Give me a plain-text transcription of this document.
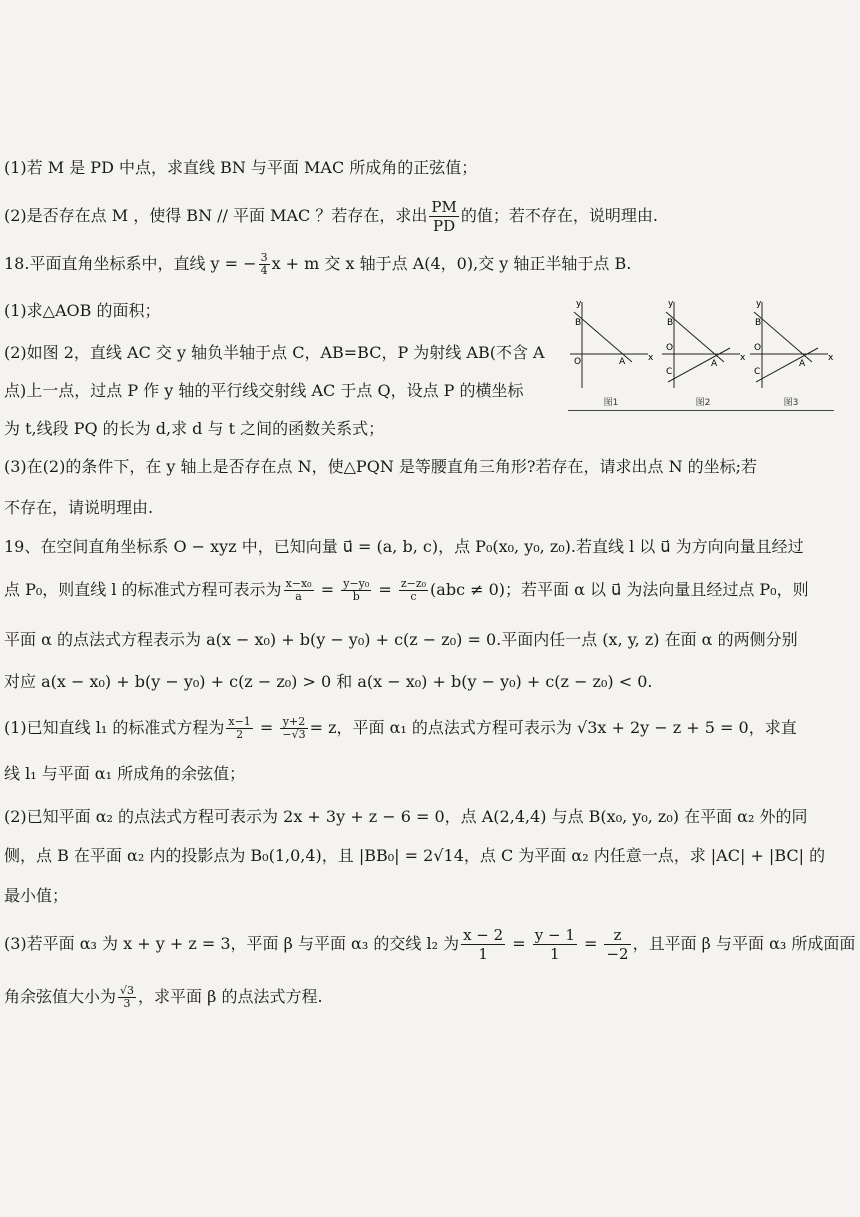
(1)若 M 是 PD 中点，求直线 BN 与平面 MAC 所成角的正弦值；
(2)是否存在点 M ，使得 BN // 平面 MAC ？若存在，求出 $\frac{PM}{PD}$ 的值；若不存在，说明理由.
18.平面直角坐标系中，直线 y = − $\frac{3}{4}$ x + m 交 x 轴于点 A(4，0),交 y 轴正半轴于点 B.
(1)求△AOB 的面积；
(2)如图 2，直线 AC 交 y 轴负半轴于点 C，AB=BC，P 为射线 AB(不含 A
点)上一点，过点 P 作 y 轴的平行线交射线 AC 于点 Q，设点 P 的横坐标
为 t,线段 PQ 的长为 d,求 d 与 t 之间的函数关系式；
(3)在(2)的条件下，在 y 轴上是否存在点 N，使△PQN 是等腰直角三角形?若存在，请求出点 N 的坐标;若
不存在，请说明理由.
y
x
B
O	A
图1
y
x
B
O
A
C
图2
y
x
B
O
A
C
图3
19、在空间直角坐标系 O − xyz 中，已知向量 u⃗ = (a, b, c)，点 P₀(x₀, y₀, z₀).若直线 l 以 u⃗ 为方向向量且经过
点 P₀，则直线 l 的标准式方程可表示为 $\frac{\text{x−x₀}}{a} = \frac{\text{y−y₀}}{b} = \frac{\text{z−z₀}}{c} (abc \ne 0)$；若平面 α 以 u⃗ 为法向量且经过点 P₀，则
平面 α 的点法式方程表示为 a(x − x₀) + b(y − y₀) + c(z − z₀) = 0.平面内任一点 (x, y, z) 在面 α 的两侧分别
对应 a(x − x₀) + b(y − y₀) + c(z − z₀) > 0 和 a(x − x₀) + b(y − y₀) + c(z − z₀) < 0.
(1)已知直线 l₁ 的标准式方程为 $\frac{x-1}{2} = \frac{y+2}{-√3} = z$，平面 α₁ 的点法式方程可表示为 √3x + 2y − z + 5 = 0，求直
线 l₁ 与平面 α₁ 所成角的余弦值；
(2)已知平面 α₂ 的点法式方程可表示为 2x + 3y + z − 6 = 0，点 A(2,4,4) 与点 B(x₀, y₀, z₀) 在平面 α₂ 外的同
侧，点 B 在平面 α₂ 内的投影点为 B₀(1,0,4)，且 |BB₀| = 2√14，点 C 为平面 α₂ 内任意一点，求 |AC| + |BC| 的
最小值；
(3)若平面 α₃ 为 x + y + z = 3，平面 β 与平面 α₃ 的交线 l₂ 为 $\frac{x - 2}{1} = \frac{y - 1}{1} = \frac{z}{-2}$ ，且平面 β 与平面 α₃ 所成面面
角余弦值大小为 $\frac{√3}{3}$ ，求平面 β 的点法式方程.
